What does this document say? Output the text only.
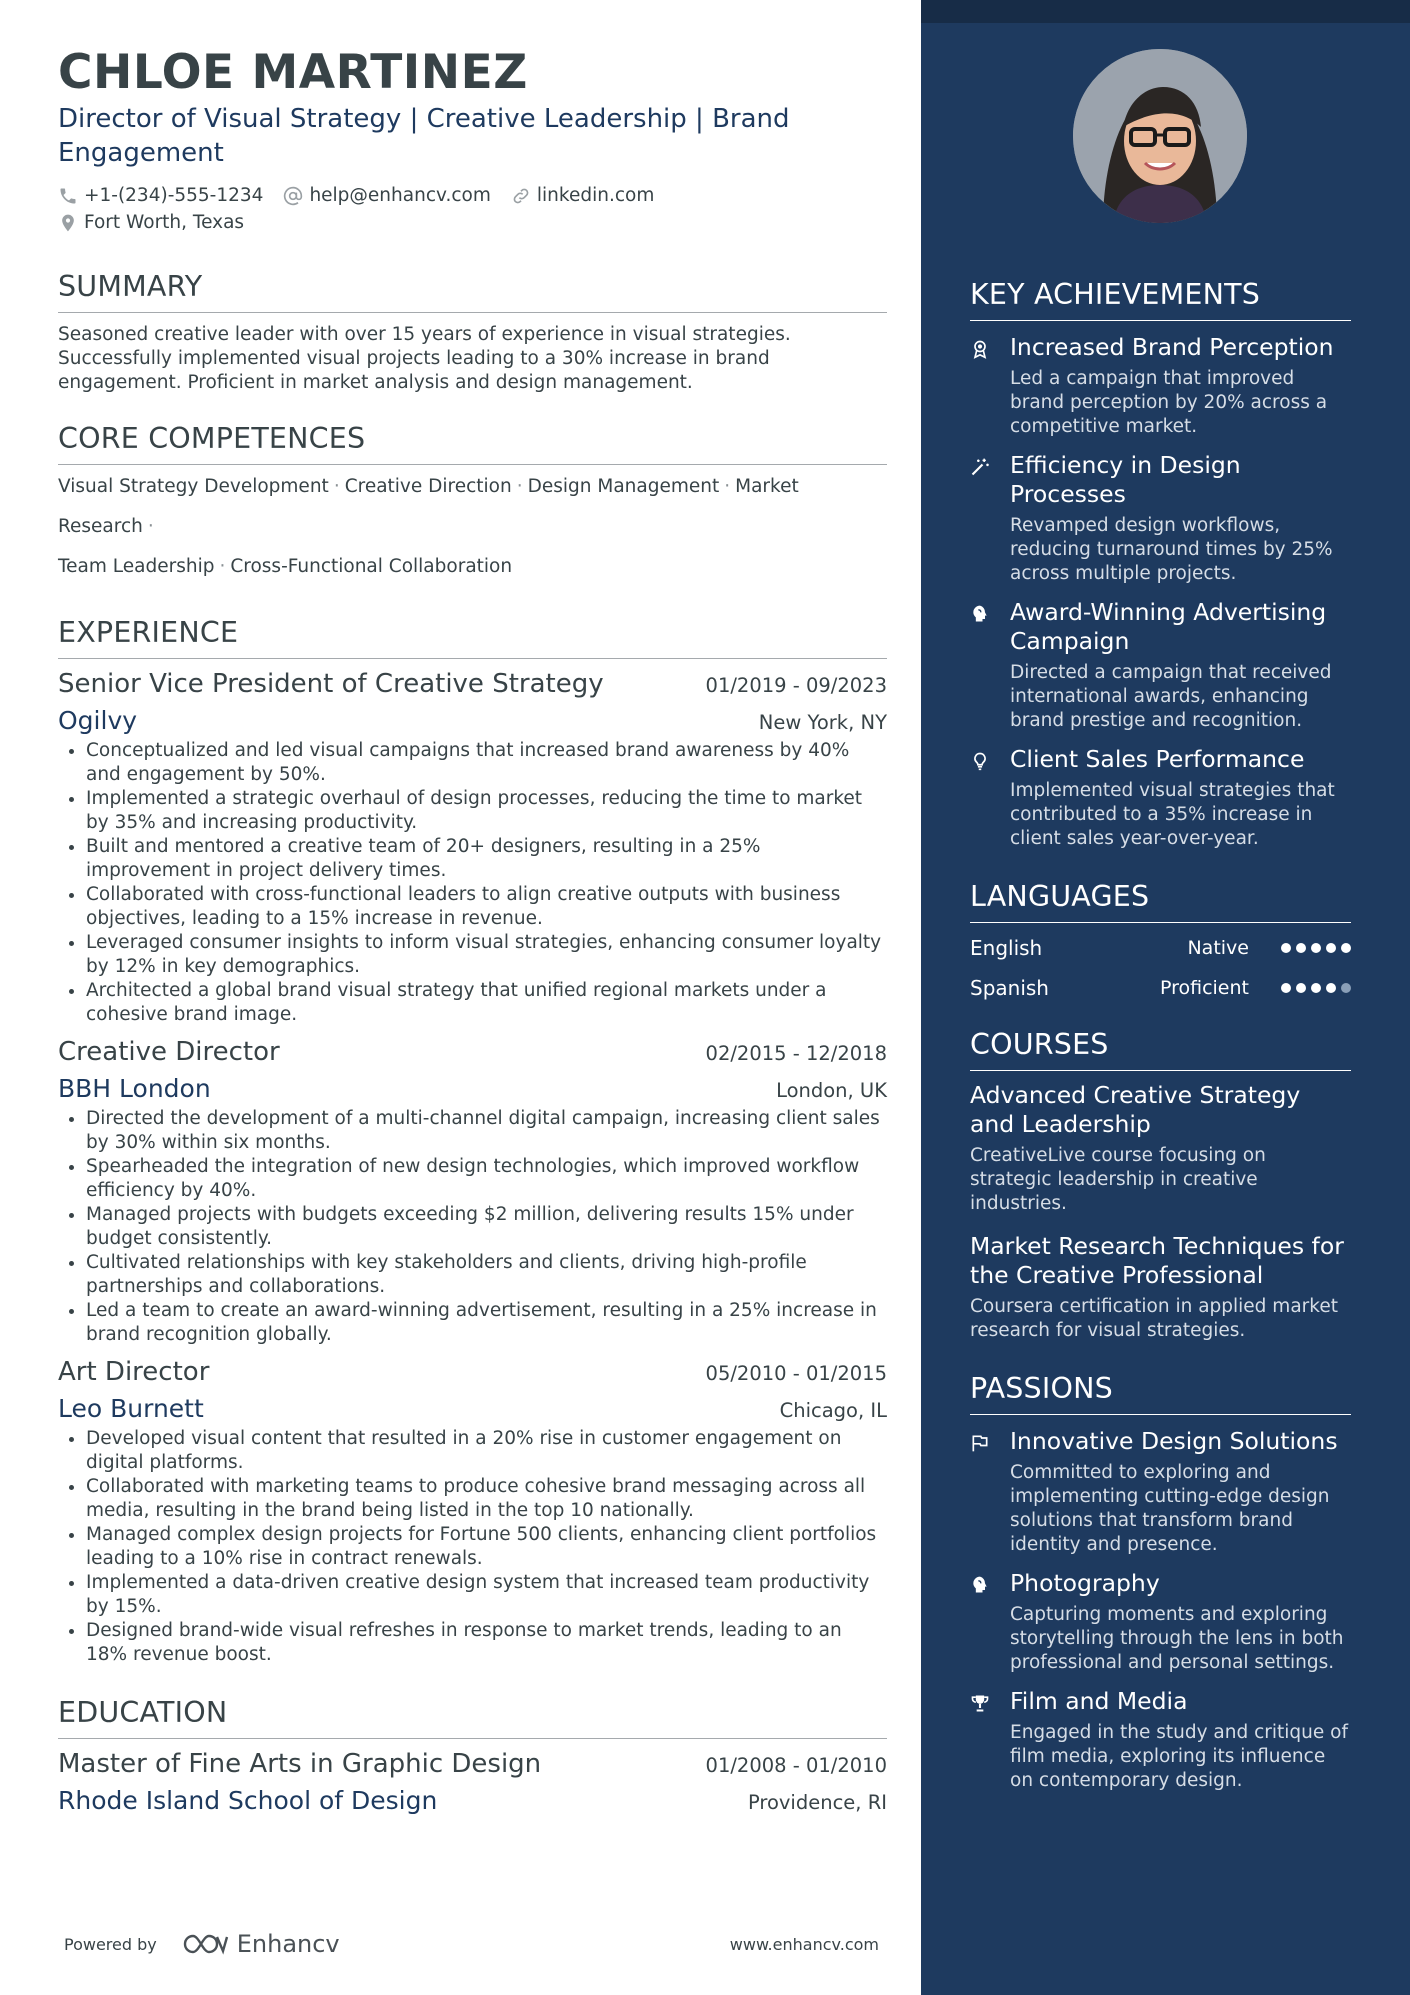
CHLOE MARTINEZ
Director of Visual Strategy | Creative Leadership | Brand Engagement
+1-(234)-555-1234 help@enhancv.com linkedin.com
Fort Worth, Texas
SUMMARY
Seasoned creative leader with over 15 years of experience in visual strategies. Successfully implemented visual projects leading to a 30% increase in brand engagement. Proficient in market analysis and design management.
CORE COMPETENCES
Visual Strategy Development · Creative Direction · Design Management · Market Research ·
Team Leadership · Cross-Functional Collaboration
EXPERIENCE
Senior Vice President of Creative Strategy	01/2019 - 09/2023
Ogilvy	New York, NY
• Conceptualized and led visual campaigns that increased brand awareness by 40% and engagement by 50%.
• Implemented a strategic overhaul of design processes, reducing the time to market by 35% and increasing productivity.
• Built and mentored a creative team of 20+ designers, resulting in a 25% improvement in project delivery times.
• Collaborated with cross-functional leaders to align creative outputs with business objectives, leading to a 15% increase in revenue.
• Leveraged consumer insights to inform visual strategies, enhancing consumer loyalty by 12% in key demographics.
• Architected a global brand visual strategy that unified regional markets under a cohesive brand image.
Creative Director	02/2015 - 12/2018
BBH London	London, UK
• Directed the development of a multi-channel digital campaign, increasing client sales by 30% within six months.
• Spearheaded the integration of new design technologies, which improved workflow efficiency by 40%.
• Managed projects with budgets exceeding $2 million, delivering results 15% under budget consistently.
• Cultivated relationships with key stakeholders and clients, driving high-profile partnerships and collaborations.
• Led a team to create an award-winning advertisement, resulting in a 25% increase in brand recognition globally.
Art Director	05/2010 - 01/2015
Leo Burnett	Chicago, IL
• Developed visual content that resulted in a 20% rise in customer engagement on digital platforms.
• Collaborated with marketing teams to produce cohesive brand messaging across all media, resulting in the brand being listed in the top 10 nationally.
• Managed complex design projects for Fortune 500 clients, enhancing client portfolios leading to a 10% rise in contract renewals.
• Implemented a data-driven creative design system that increased team productivity by 15%.
• Designed brand-wide visual refreshes in response to market trends, leading to an 18% revenue boost.
EDUCATION
Master of Fine Arts in Graphic Design	01/2008 - 01/2010
Rhode Island School of Design	Providence, RI
Powered by	Enhancv	www.enhancv.com
KEY ACHIEVEMENTS
Increased Brand Perception
Led a campaign that improved brand perception by 20% across a competitive market.
Efficiency in Design Processes
Revamped design workflows, reducing turnaround times by 25% across multiple projects.
Award-Winning Advertising Campaign
Directed a campaign that received international awards, enhancing brand prestige and recognition.
Client Sales Performance
Implemented visual strategies that contributed to a 35% increase in client sales year-over-year.
LANGUAGES
English	Native
Spanish	Proficient
COURSES
Advanced Creative Strategy and Leadership
CreativeLive course focusing on strategic leadership in creative industries.
Market Research Techniques for the Creative Professional
Coursera certification in applied market research for visual strategies.
PASSIONS
Innovative Design Solutions
Committed to exploring and implementing cutting-edge design solutions that transform brand identity and presence.
Photography
Capturing moments and exploring storytelling through the lens in both professional and personal settings.
Film and Media
Engaged in the study and critique of film media, exploring its influence on contemporary design.
